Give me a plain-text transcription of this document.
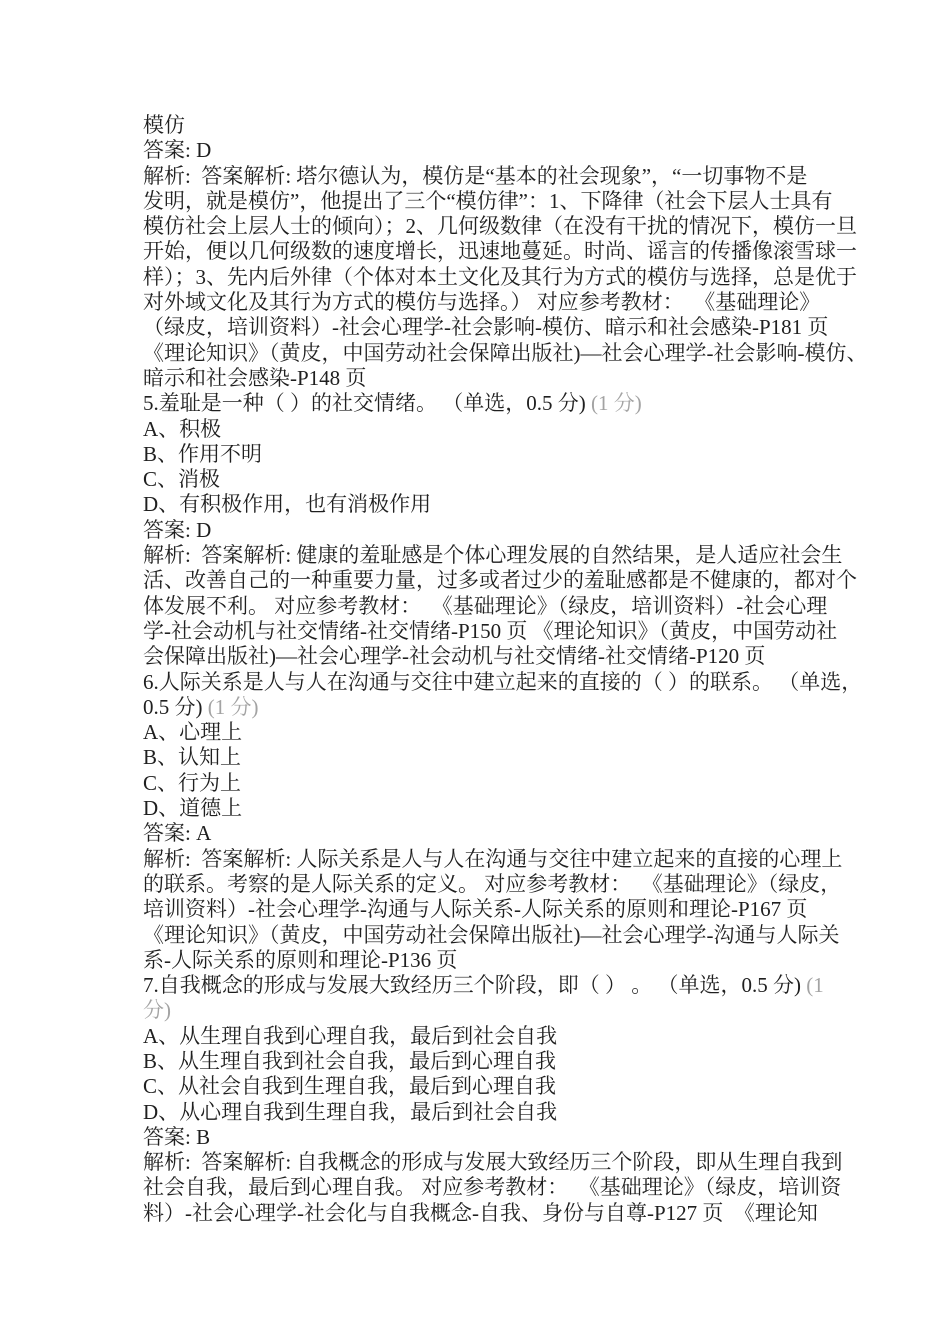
模仿
答案: D
解析:  答案解析: 塔尔德认为，模仿是“基本的社会现象”，“一切事物不是
发明，就是模仿”，他提出了三个“模仿律”：1、下降律（社会下层人士具有
模仿社会上层人士的倾向）；2、几何级数律（在没有干扰的情况下，模仿一旦
开始，便以几何级数的速度增长，迅速地蔓延。时尚、谣言的传播像滚雪球一
样）；3、先内后外律（个体对本土文化及其行为方式的模仿与选择，总是优于
对外域文化及其行为方式的模仿与选择。） 对应参考教材：  《基础理论》
（绿皮，培训资料）-社会心理学-社会影响-模仿、暗示和社会感染-P181 页
《理论知识》（黄皮，中国劳动社会保障出版社)—社会心理学-社会影响-模仿、
暗示和社会感染-P148 页
5.羞耻是一种（ ）的社交情绪。 （单选，0.5 分) (1 分)
A、积极
B、作用不明
C、消极
D、有积极作用，也有消极作用
答案: D
解析:  答案解析: 健康的羞耻感是个体心理发展的自然结果，是人适应社会生
活、改善自己的一种重要力量，过多或者过少的羞耻感都是不健康的，都对个
体发展不利。 对应参考教材：  《基础理论》（绿皮，培训资料）-社会心理
学-社会动机与社交情绪-社交情绪-P150 页 《理论知识》（黄皮，中国劳动社
会保障出版社)—社会心理学-社会动机与社交情绪-社交情绪-P120 页
6.人际关系是人与人在沟通与交往中建立起来的直接的（ ）的联系。 （单选，
0.5 分) (1 分)
A、心理上
B、认知上
C、行为上
D、道德上
答案: A
解析:  答案解析: 人际关系是人与人在沟通与交往中建立起来的直接的心理上
的联系。考察的是人际关系的定义。 对应参考教材：  《基础理论》（绿皮，
培训资料）-社会心理学-沟通与人际关系-人际关系的原则和理论-P167 页
《理论知识》（黄皮，中国劳动社会保障出版社)—社会心理学-沟通与人际关
系-人际关系的原则和理论-P136 页
7.自我概念的形成与发展大致经历三个阶段，即（ ） 。 （单选，0.5 分) (1
分)
A、从生理自我到心理自我，最后到社会自我
B、从生理自我到社会自我，最后到心理自我
C、从社会自我到生理自我，最后到心理自我
D、从心理自我到生理自我，最后到社会自我
答案: B
解析:  答案解析: 自我概念的形成与发展大致经历三个阶段，即从生理自我到
社会自我，最后到心理自我。 对应参考教材：  《基础理论》（绿皮，培训资
料）-社会心理学-社会化与自我概念-自我、身份与自尊-P127 页  《理论知
